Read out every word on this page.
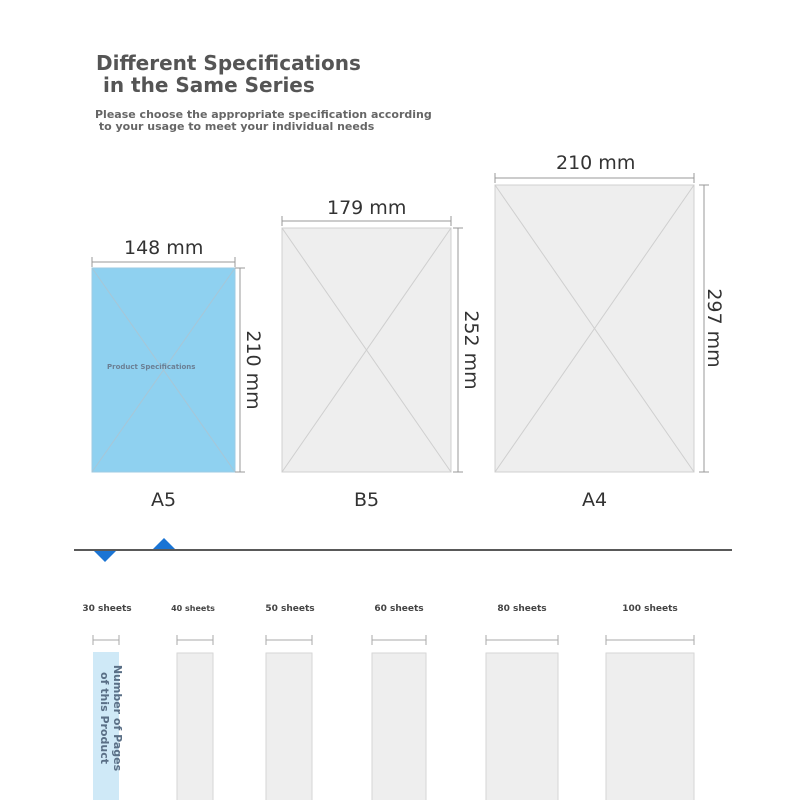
Different Specifications
in the Same Series
Please choose the appropriate specification according
to your usage to meet your individual needs
148 mm
210 mm
Product Specifications
179 mm
252 mm
210 mm
297 mm
A5	B5	A4
30 sheets	40 sheets	50 sheets	60 sheets	80 sheets	100 sheets
Number of Pages
of this Product
